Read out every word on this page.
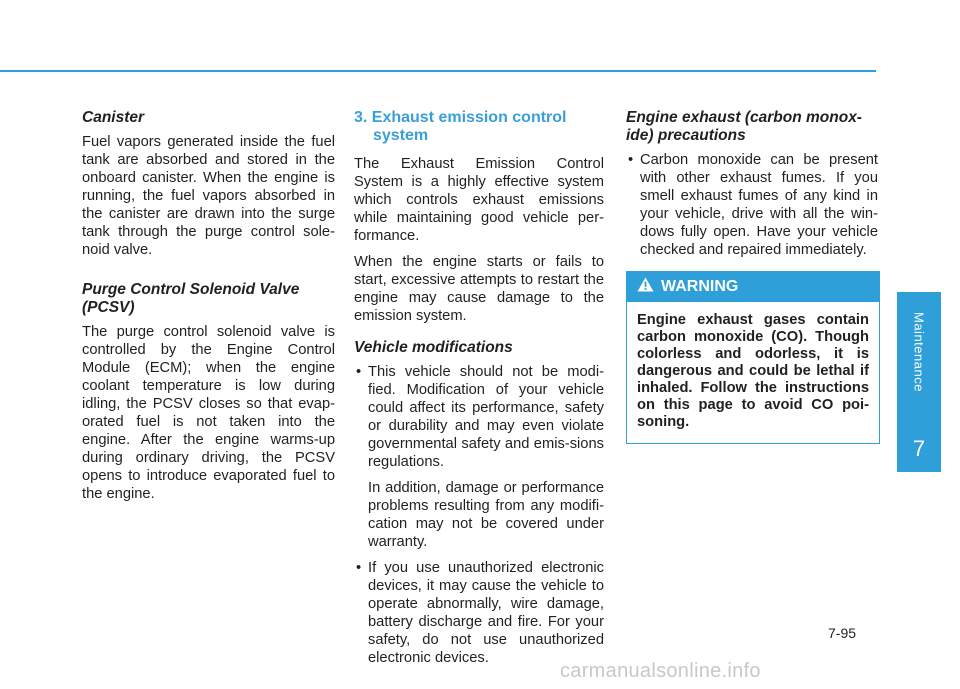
Canister

Fuel vapors generated inside the fuel tank are absorbed and stored in the onboard canister. When the engine is running, the fuel vapors absorbed in the canister are drawn into the surge tank through the purge control sole-noid valve.

Purge Control Solenoid Valve
(PCSV)

The purge control solenoid valve is controlled by the Engine Control Module (ECM); when the engine coolant temperature is low during idling, the PCSV closes so that evap-orated fuel is not taken into the engine. After the engine warms-up during ordinary driving, the PCSV opens to introduce evaporated fuel to the engine.

3. Exhaust emission control
system

The Exhaust Emission Control System is a highly effective system which controls exhaust emissions while maintaining good vehicle per-formance.

When the engine starts or fails to start, excessive attempts to restart the engine may cause damage to the emission system.

Vehicle modifications

• This vehicle should not be modi-fied. Modification of your vehicle could affect its performance, safety or durability and may even violate governmental safety and emis-sions regulations.

In addition, damage or performance problems resulting from any modifi-cation may not be covered under warranty.

• If you use unauthorized electronic devices, it may cause the vehicle to operate abnormally, wire damage, battery discharge and fire. For your safety, do not use unauthorized electronic devices.

Engine exhaust (carbon monox-
ide) precautions

• Carbon monoxide can be present with other exhaust fumes. If you smell exhaust fumes of any kind in your vehicle, drive with all the win-dows fully open. Have your vehicle checked and repaired immediately.

WARNING
Engine exhaust gases contain carbon monoxide (CO). Though colorless and odorless, it is dangerous and could be lethal if inhaled. Follow the instructions on this page to avoid CO poi-soning.
Maintenance
7
7-95
carmanualsonline.info
